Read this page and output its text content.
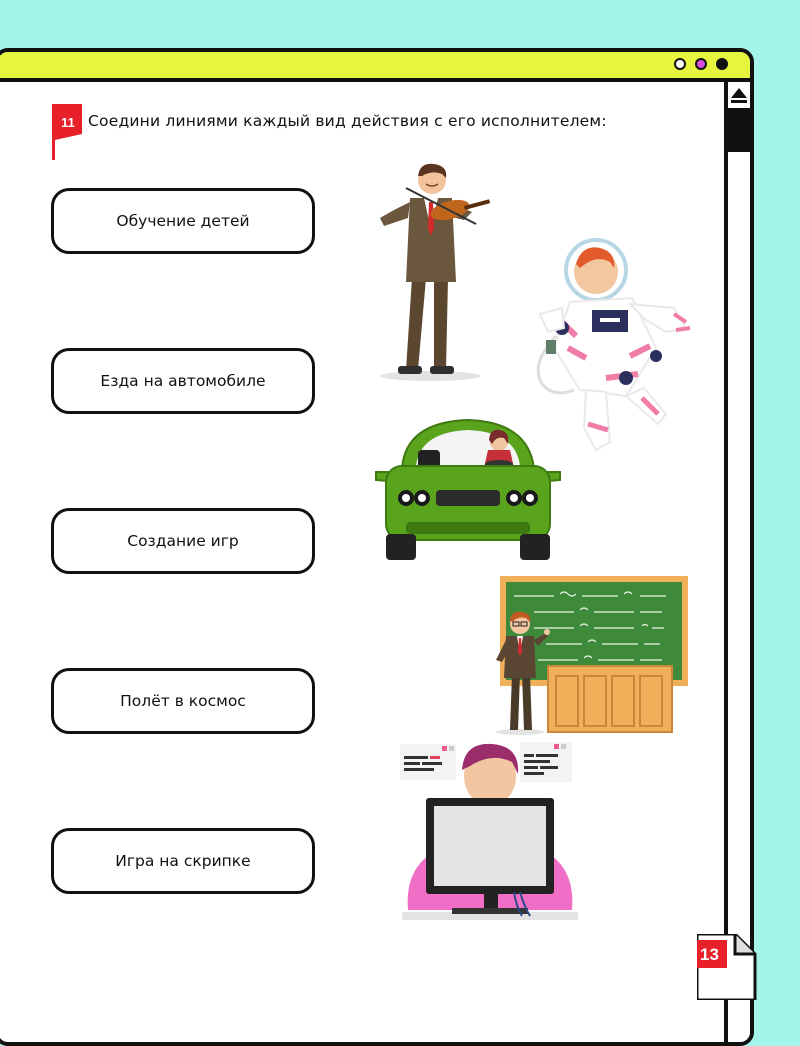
11 Соедини линиями каждый вид действия с его исполнителем:

Обучение детей
Езда на автомобиле
Создание игр
Полёт в космос
Игра на скрипке
13
